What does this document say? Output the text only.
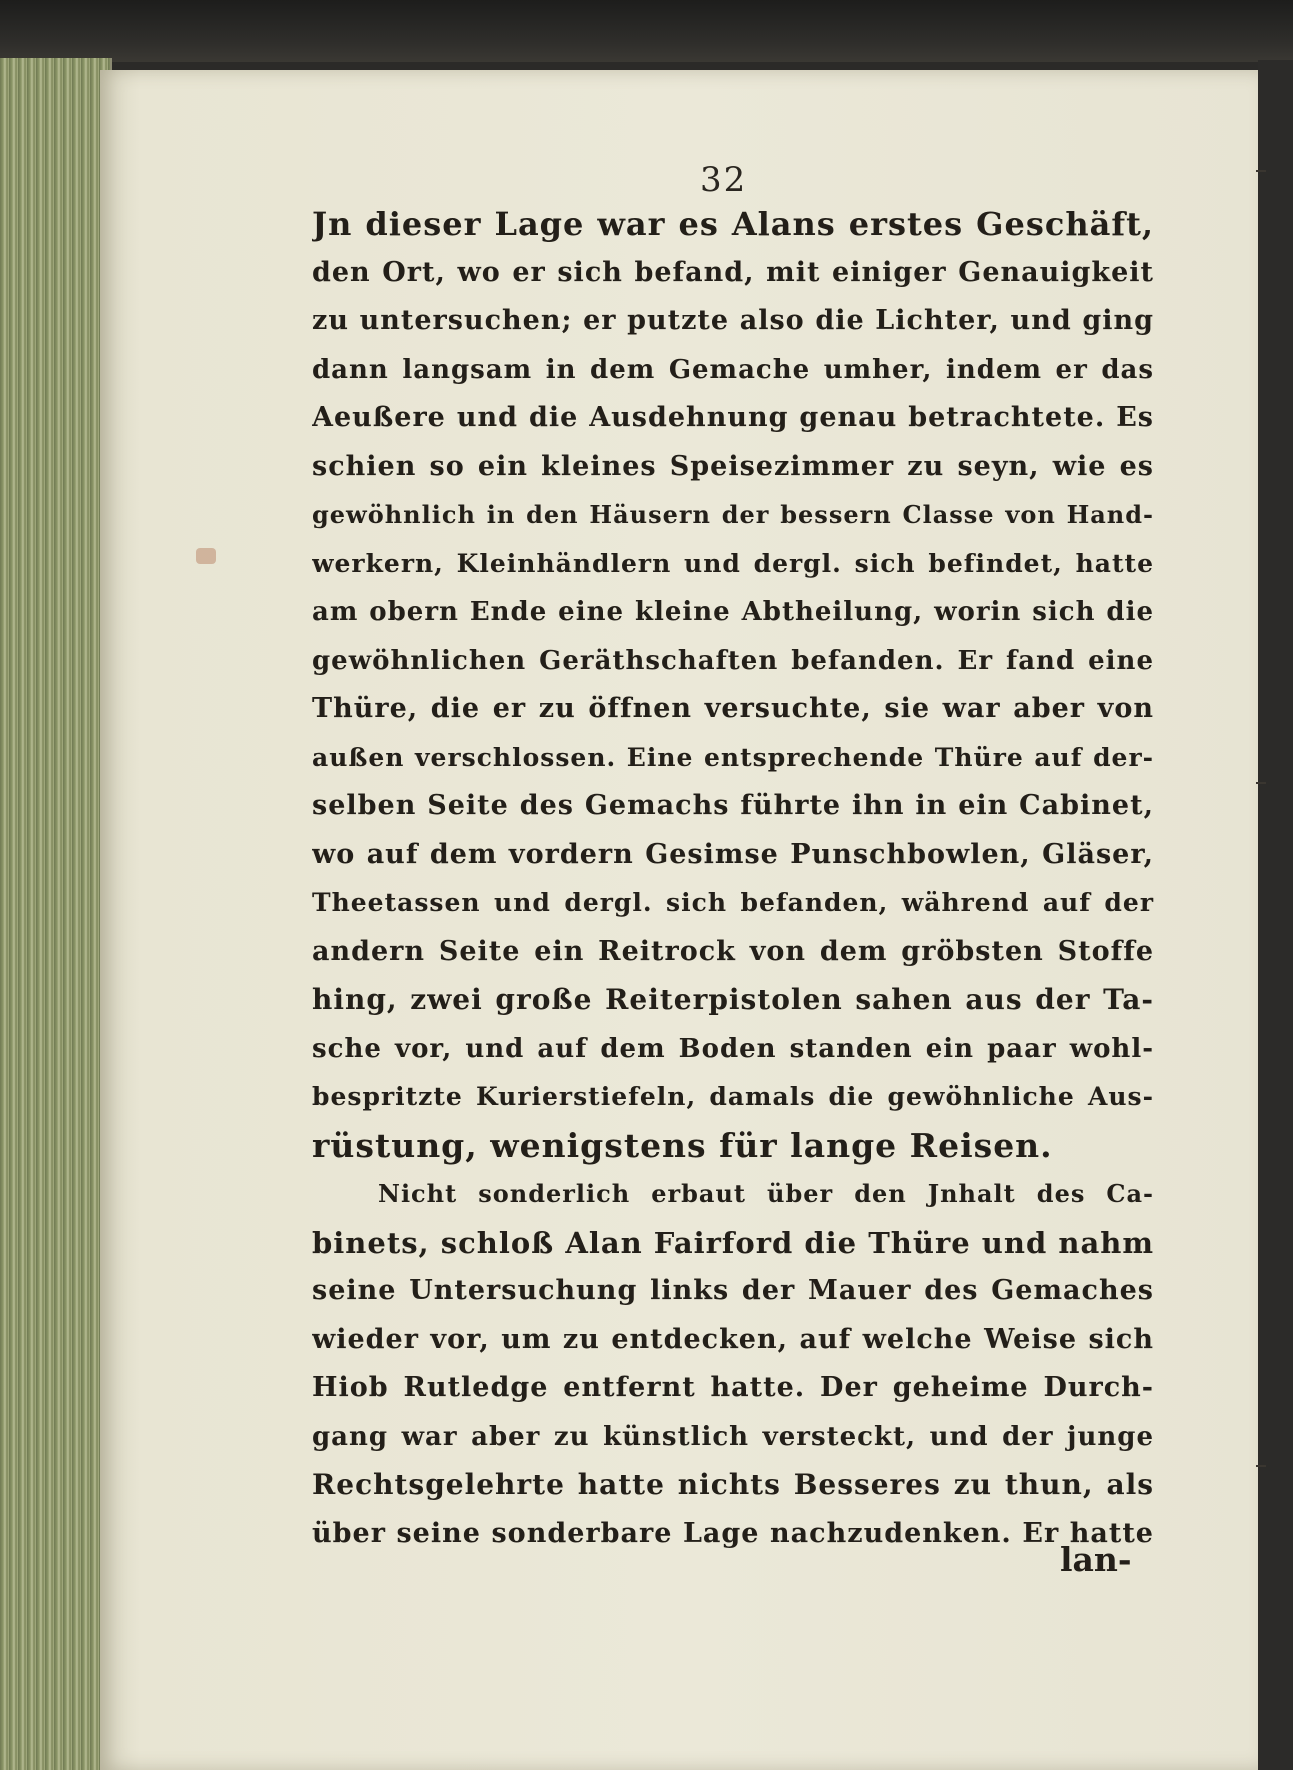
32
Jn dieser Lage war es Alans erstes Geschäft,
den Ort, wo er sich befand, mit einiger Genauigkeit
zu untersuchen; er putzte also die Lichter, und ging
dann langsam in dem Gemache umher, indem er das
Aeußere und die Ausdehnung genau betrachtete. Es
schien so ein kleines Speisezimmer zu seyn, wie es
gewöhnlich in den Häusern der bessern Classe von Hand-
werkern, Kleinhändlern und dergl. sich befindet, hatte
am obern Ende eine kleine Abtheilung, worin sich die
gewöhnlichen Geräthschaften befanden. Er fand eine
Thüre, die er zu öffnen versuchte, sie war aber von
außen verschlossen. Eine entsprechende Thüre auf der-
selben Seite des Gemachs führte ihn in ein Cabinet,
wo auf dem vordern Gesimse Punschbowlen, Gläser,
Theetassen und dergl. sich befanden, während auf der
andern Seite ein Reitrock von dem gröbsten Stoffe
hing, zwei große Reiterpistolen sahen aus der Ta-
sche vor, und auf dem Boden standen ein paar wohl-
bespritzte Kurierstiefeln, damals die gewöhnliche Aus-
rüstung, wenigstens für lange Reisen.
Nicht sonderlich erbaut über den Jnhalt des Ca-
binets, schloß Alan Fairford die Thüre und nahm
seine Untersuchung links der Mauer des Gemaches
wieder vor, um zu entdecken, auf welche Weise sich
Hiob Rutledge entfernt hatte. Der geheime Durch-
gang war aber zu künstlich versteckt, und der junge
Rechtsgelehrte hatte nichts Besseres zu thun, als
über seine sonderbare Lage nachzudenken. Er hatte
lan-
